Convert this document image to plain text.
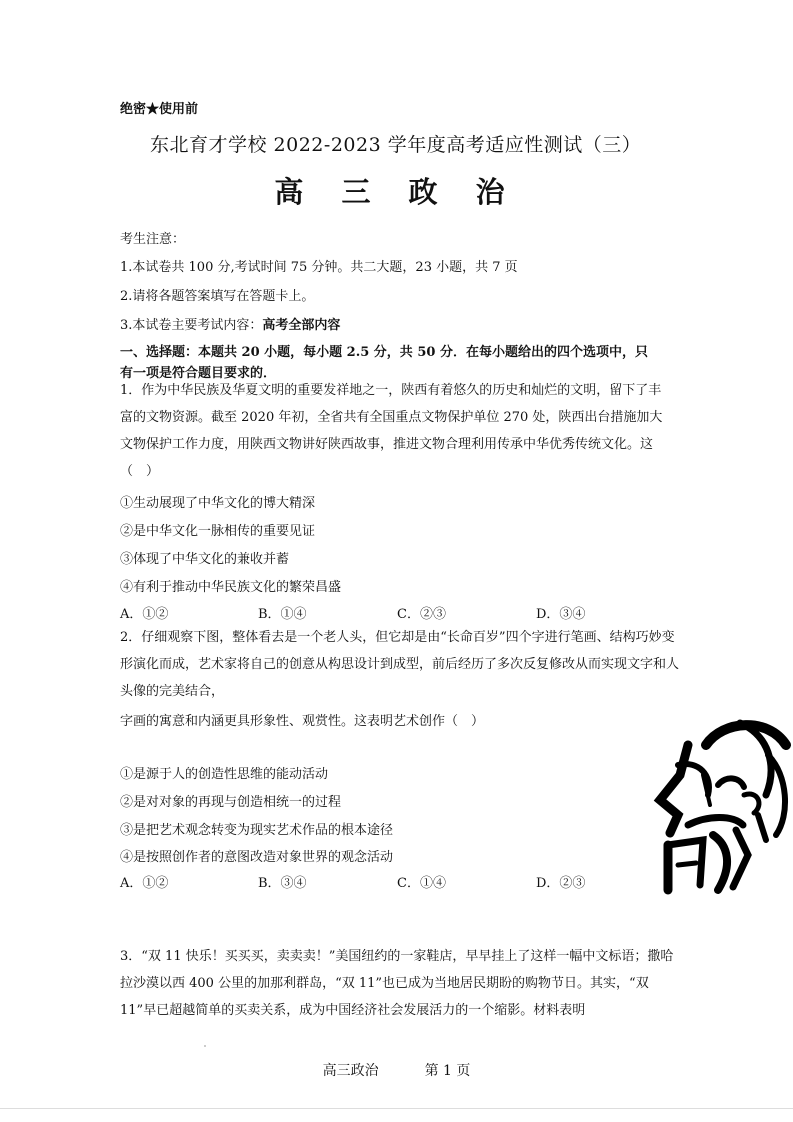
绝密★使用前
东北育才学校 2022-2023 学年度高考适应性测试（三）
高 三 政 治
考生注意：
1.本试卷共 100 分,考试时间 75 分钟。共二大题，23 小题，共 7 页
2.请将各题答案填写在答题卡上。
3.本试卷主要考试内容：高考全部内容
一、选择题：本题共 20 小题，每小题 2.5 分，共 50 分．在每小题给出的四个选项中，只
有一项是符合题目要求的．
1．作为中华民族及华夏文明的重要发祥地之一，陕西有着悠久的历史和灿烂的文明，留下了丰富的文物资源。截至 2020 年初，全省共有全国重点文物保护单位 270 处，陕西出台措施加大文物保护工作力度，用陕西文物讲好陕西故事，推进文物合理利用传承中华优秀传统文化。这（　）
①生动展现了中华文化的博大精深
②是中华文化一脉相传的重要见证
③体现了中华文化的兼收并蓄
④有利于推动中华民族文化的繁荣昌盛
A．①②	B．①④	C．②③	D．③④
2．仔细观察下图，整体看去是一个老人头，但它却是由“长命百岁”四个字进行笔画、结构巧妙变形演化而成，艺术家将自己的创意从构思设计到成型，前后经历了多次反复修改从而实现文字和人头像的完美结合，
字画的寓意和内涵更具形象性、观赏性。这表明艺术创作（　）
①是源于人的创造性思维的能动活动
②是对对象的再现与创造相统一的过程
③是把艺术观念转变为现实艺术作品的根本途径
④是按照创作者的意图改造对象世界的观念活动
A．①②	B．③④	C．①④	D．②③
3．“双 11 快乐！买买买，卖卖卖！”美国纽约的一家鞋店，早早挂上了这样一幅中文标语；撒哈拉沙漠以西 400 公里的加那利群岛，“双 11”也已成为当地居民期盼的购物节日。其实，“双 11”早已超越简单的买卖关系，成为中国经济社会发展活力的一个缩影。材料表明
高三政治	第 1 页
